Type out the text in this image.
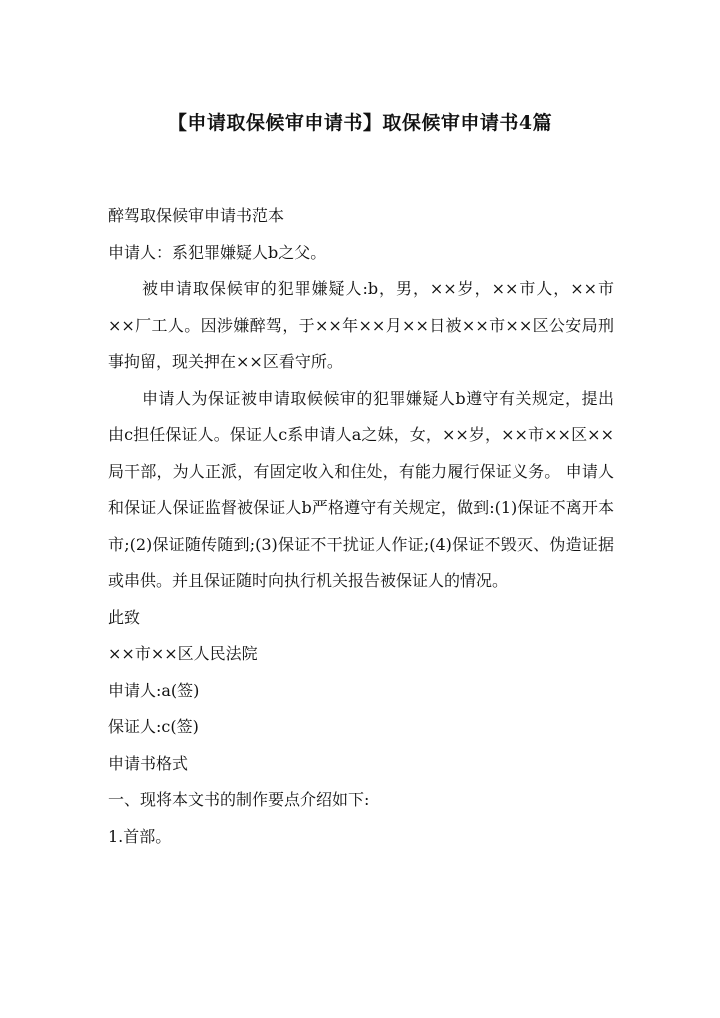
【申请取保候审申请书】取保候审申请书4篇

醉驾取保候审申请书范本

申请人：系犯罪嫌疑人b之父。

被申请取保候审的犯罪嫌疑人:b，男，××岁，××市人，××市××厂工人。因涉嫌醉驾，于××年××月××日被××市××区公安局刑事拘留，现关押在××区看守所。

申请人为保证被申请取候候审的犯罪嫌疑人b遵守有关规定，提出由c担任保证人。保证人c系申请人a之妹，女，××岁，××市××区××局干部，为人正派，有固定收入和住处，有能力履行保证义务。 申请人和保证人保证监督被保证人b严格遵守有关规定，做到:(1)保证不离开本市;(2)保证随传随到;(3)保证不干扰证人作证;(4)保证不毁灭、伪造证据或串供。并且保证随时向执行机关报告被保证人的情况。

此致

××市××区人民法院

申请人:a(签)

保证人:c(签)

申请书格式

一、现将本文书的制作要点介绍如下:

1.首部。
